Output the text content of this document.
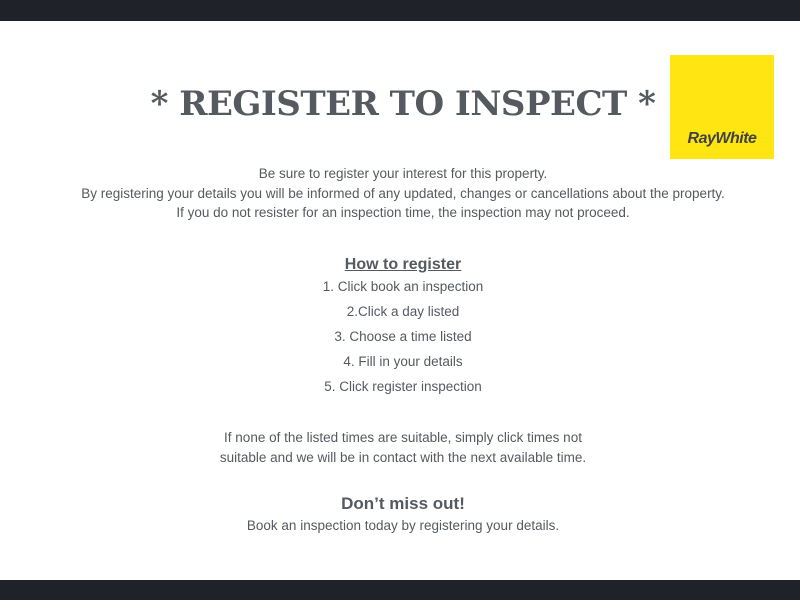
* REGISTER TO INSPECT *
RayWhite
Be sure to register your interest for this property.
By registering your details you will be informed of any updated, changes or cancellations about the property.
If you do not resister for an inspection time, the inspection may not proceed.
How to register
1. Click book an inspection
2.Click a day listed
3. Choose a time listed
4. Fill in your details
5. Click register inspection
If none of the listed times are suitable, simply click times not
suitable and we will be in contact with the next available time.
Don’t miss out!
Book an inspection today by registering your details.
